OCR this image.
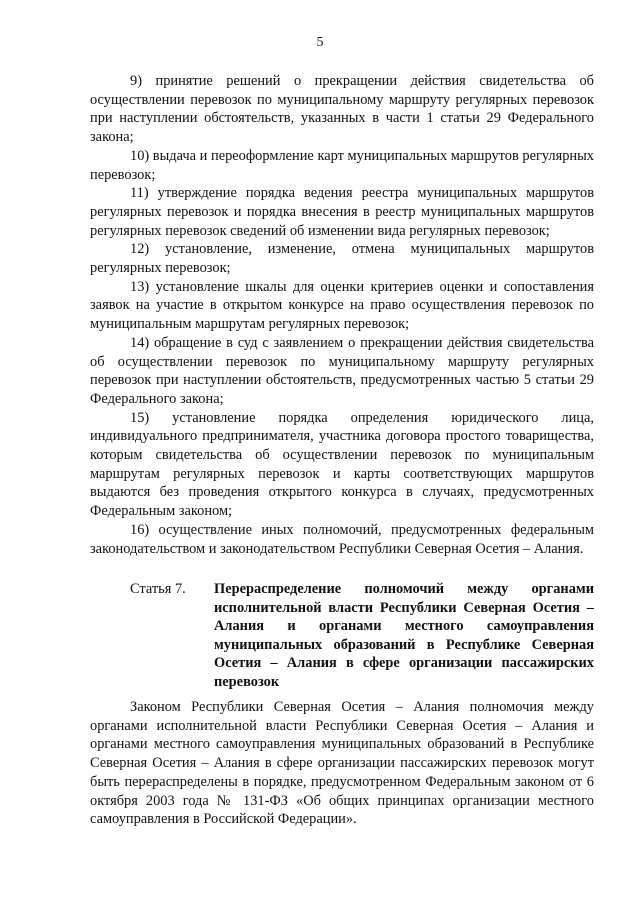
5

9) принятие решений о прекращении действия свидетельства об осуществлении перевозок по муниципальному маршруту регулярных перевозок при наступлении обстоятельств, указанных в части 1 статьи 29 Федерального закона;

10) выдача и переоформление карт муниципальных маршрутов регулярных перевозок;

11) утверждение порядка ведения реестра муниципальных маршрутов регулярных перевозок и порядка внесения в реестр муниципальных маршрутов регулярных перевозок сведений об изменении вида регулярных перевозок;

12) установление, изменение, отмена муниципальных маршрутов регулярных перевозок;

13) установление шкалы для оценки критериев оценки и сопоставления заявок на участие в открытом конкурсе на право осуществления перевозок по муниципальным маршрутам регулярных перевозок;

14) обращение в суд с заявлением о прекращении действия свидетельства об осуществлении перевозок по муниципальному маршруту регулярных перевозок при наступлении обстоятельств, предусмотренных частью 5 статьи 29 Федерального закона;

15) установление порядка определения юридического лица, индивидуального предпринимателя, участника договора простого товарищества, которым свидетельства об осуществлении перевозок по муниципальным маршрутам регулярных перевозок и карты соответствующих маршрутов выдаются без проведения открытого конкурса в случаях, предусмотренных Федеральным законом;

16) осуществление иных полномочий, предусмотренных федеральным законодательством и законодательством Республики Северная Осетия – Алания.

Статья 7.	Перераспределение полномочий между органами исполнительной власти Республики Северная Осетия – Алания и органами местного самоуправления муниципальных образований в Республике Северная Осетия – Алания в сфере организации пассажирских перевозок

Законом Республики Северная Осетия – Алания полномочия между органами исполнительной власти Республики Северная Осетия – Алания и органами местного самоуправления муниципальных образований в Республике Северная Осетия – Алания в сфере организации пассажирских перевозок могут быть перераспределены в порядке, предусмотренном Федеральным законом от 6 октября 2003 года № 131-ФЗ «Об общих принципах организации местного самоуправления в Российской Федерации».
